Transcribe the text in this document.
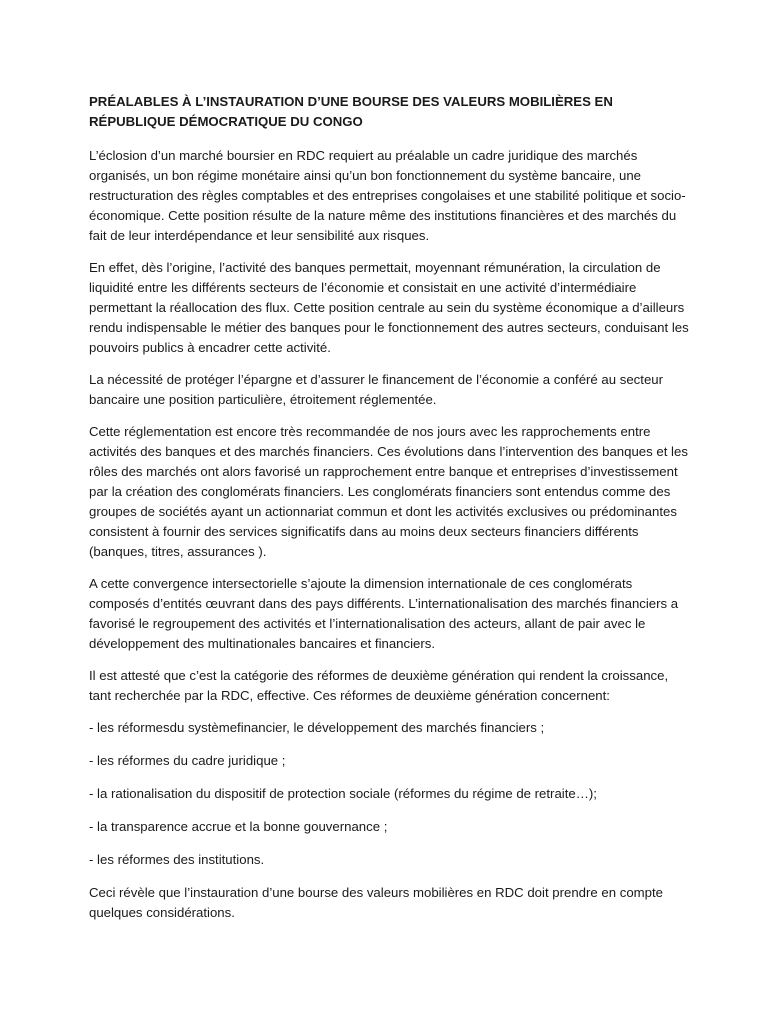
PRÉALABLES À L’INSTAURATION D’UNE BOURSE DES VALEURS MOBILIÈRES EN RÉPUBLIQUE DÉMOCRATIQUE DU CONGO

L’éclosion d’un marché boursier en RDC requiert au préalable un cadre juridique des marchés organisés, un bon régime monétaire ainsi qu’un bon fonctionnement du système bancaire, une restructuration des règles comptables et des entreprises congolaises et une stabilité politique et socio-économique. Cette position résulte de la nature même des institutions financières et des marchés du fait de leur interdépendance et leur sensibilité aux risques.

En effet, dès l’origine, l’activité des banques permettait, moyennant rémunération, la circulation de liquidité entre les différents secteurs de l’économie et consistait en une activité d’intermédiaire permettant la réallocation des flux. Cette position centrale au sein du système économique a d’ailleurs rendu indispensable le métier des banques pour le fonctionnement des autres secteurs, conduisant les pouvoirs publics à encadrer cette activité.

La nécessité de protéger l’épargne et d’assurer le financement de l’économie a conféré au secteur bancaire une position particulière, étroitement réglementée.

Cette réglementation est encore très recommandée de nos jours avec les rapprochements entre activités des banques et des marchés financiers. Ces évolutions dans l’intervention des banques et les rôles des marchés ont alors favorisé un rapprochement entre banque et entreprises d’investissement par la création des conglomérats financiers. Les conglomérats financiers sont entendus comme des groupes de sociétés ayant un actionnariat commun et dont les activités exclusives ou prédominantes consistent à fournir des services significatifs dans au moins deux secteurs financiers différents (banques, titres, assurances ).

A cette convergence intersectorielle s’ajoute la dimension internationale de ces conglomérats composés d’entités œuvrant dans des pays différents. L’internationalisation des marchés financiers a favorisé le regroupement des activités et l’internationalisation des acteurs, allant de pair avec le développement des multinationales bancaires et financiers.

Il est attesté que c’est la catégorie des réformes de deuxième génération qui rendent la croissance, tant recherchée par la RDC, effective. Ces réformes de deuxième génération concernent:

- les réformesdu systèmefinancier, le développement des marchés financiers ;

- les réformes du cadre juridique ;

- la rationalisation du dispositif de protection sociale (réformes du régime de retraite…);

- la transparence accrue et la bonne gouvernance ;

- les réformes des institutions.

Ceci révèle que l’instauration d’une bourse des valeurs mobilières en RDC doit prendre en compte quelques considérations.
